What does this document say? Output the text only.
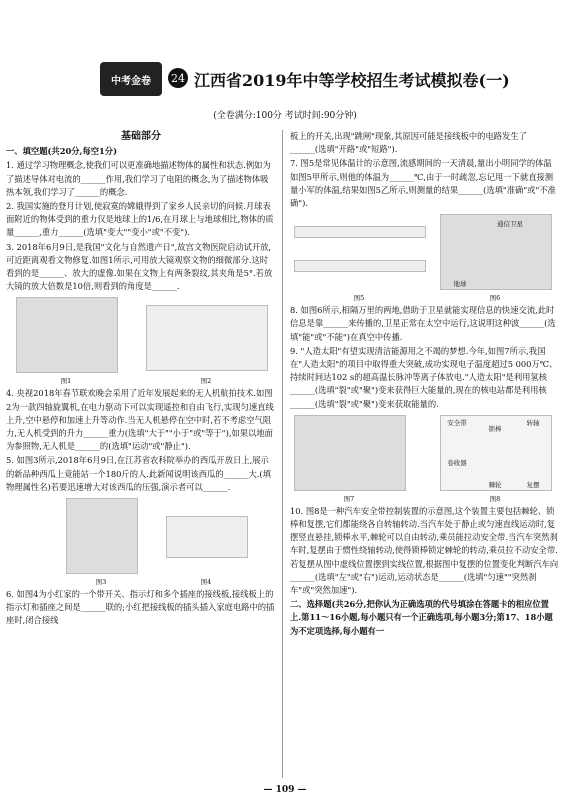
中考金卷	24 江西省2019年中等学校招生考试模拟卷(一)
(全卷满分:100分 考试时间:90分钟)
基础部分

一、填空题(共20分,每空1分)

1. 通过学习物理概念,使我们可以更准确地描述物体的属性和状态.例如为了描述导体对电流的______作用,我们学习了电阻的概念,为了描述物体吸热本领,我们学习了______的概念.

2. 我国实施的登月计划,使寂寞的嫦娥得到了家乡人民亲切的问候.月球表面附近的物体受到的重力仅是地球上的1/6,在月球上与地球相比,物体的质量______,重力______(选填"变大""变小"或"不变").

3. 2018年6月9日,是我国"文化与自然遗产日",故宫文物医院启动试开放,可近距离观看文物修复.如图1所示,可用放大镜观察文物的细微部分.这时看到的是______、放大的虚像.如果在文物上有两条裂纹,其夹角是5°.若放大镜的放大倍数是10倍,则看到的角度是______.

图1	图2

4. 央视2018年春节联欢晚会采用了近年发展起来的无人机航拍技术.如图2为一款四轴旋翼机,在电力驱动下可以实现遥控和自由飞行,实现匀速直线上升,空中悬停和加速上升等动作.当无人机悬停在空中时,若不考虑空气阻力,无人机受到的升力______重力(选填"大于""小于"或"等于"),如果以地面为参照物,无人机是______的(选填"运动"或"静止").

5. 如图3所示,2018年6月9日,在江苏省农科院举办的西瓜开放日上,展示的新品种西瓜上竟能站一个180斤的人.此新闻说明该西瓜的______大.(填物理属性名)若要迅速增大对该西瓜的压强,演示者可以______.

图3	图4

6. 如图4为小红家的一个带开关、指示灯和多个插座的接线板,接线板上的指示灯和插座之间是______联的;小红把接线板的插头插入家庭电路中的插座时,闭合接线

板上的开关,出现"跳闸"现象,其原因可能是接线板中的电路发生了______(选填"开路"或"短路").

7. 图5是常见体温计的示意图,流感期间的一天清晨,量出小明同学的体温如图5甲所示,则他的体温为______℃,由于一时疏忽,忘记甩一下就直接测量小军的体温,结果如图5乙所示,则测量的结果______(选填"准确"或"不准确").

图5
通信卫星
地球
图6

8. 如图6所示,相隔万里的两地,借助于卫星就能实现信息的快速交流,此时信息是靠______来传播的,卫星正常在太空中运行,这说明这种波______(选填"能"或"不能")在真空中传播.

9. "人造太阳"有望实现清洁能源用之不竭的梦想.今年,如图7所示,我国在"人造太阳"的项目中取得重大突破,成功实现电子温度超过5 000万℃、持续时间达102 s的超高温长脉冲等离子体放电."人造太阳"是利用氢核______(选填"裂"或"聚")变来获得巨大能量的,现在的核电站都是利用核______(选填"裂"或"聚")变来获取能量的.

图7
安全带
锁棒
转轴
卷收器
棘轮	复摆
图8

10. 图8是一种汽车安全带控制装置的示意图,这个装置主要包括棘轮、锁棒和复摆,它们都能绕各自转轴转动.当汽车处于静止或匀速直线运动时,复摆竖直悬挂,锁棒水平,棘轮可以自由转动,乘员能拉动安全带.当汽车突然刹车时,复摆由于惯性绕轴转动,使得锁棒锁定棘轮的转动,乘员拉不动安全带.若复摆从图中虚线位置摆到实线位置,根据图中复摆的位置变化判断汽车向______(选填"左"或"右")运动,运动状态是______(选填"匀速""突然刹车"或"突然加速").

二、选择题(共26分,把你认为正确选项的代号填涂在答题卡的相应位置上.第11～16小题,每小题只有一个正确选项,每小题3分;第17、18小题为不定项选择,每小题有一

— 109 —
